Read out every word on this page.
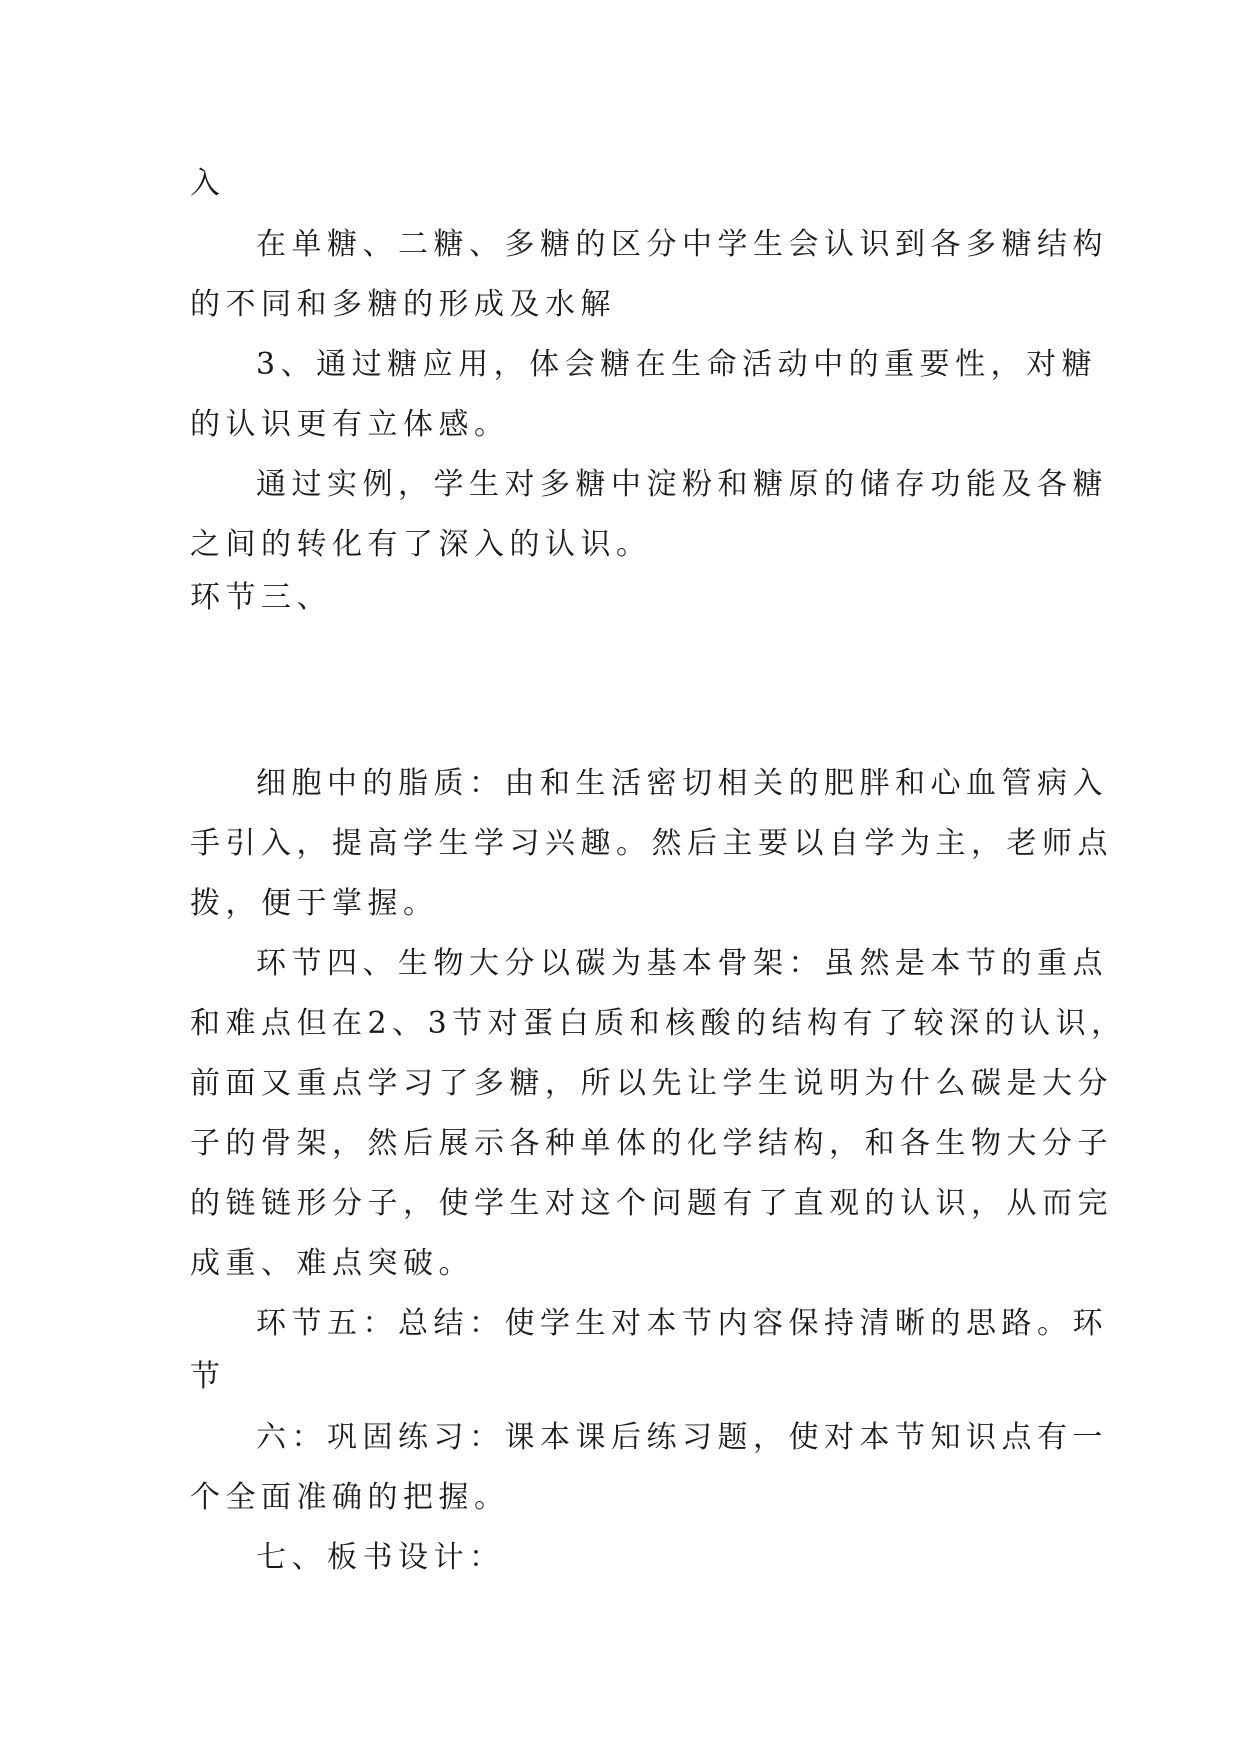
入
在单糖、二糖、多糖的区分中学生会认识到各多糖结构
的不同和多糖的形成及水解
3、通过糖应用，体会糖在生命活动中的重要性，对糖
的认识更有立体感。
通过实例，学生对多糖中淀粉和糖原的储存功能及各糖
之间的转化有了深入的认识。
环节三、
细胞中的脂质：由和生活密切相关的肥胖和心血管病入
手引入，提高学生学习兴趣。然后主要以自学为主，老师点
拨，便于掌握。
环节四、生物大分以碳为基本骨架：虽然是本节的重点
和难点但在2、3节对蛋白质和核酸的结构有了较深的认识，
前面又重点学习了多糖，所以先让学生说明为什么碳是大分
子的骨架，然后展示各种单体的化学结构，和各生物大分子
的链链形分子，使学生对这个问题有了直观的认识，从而完
成重、难点突破。
环节五：总结：使学生对本节内容保持清晰的思路。环
节
六：巩固练习：课本课后练习题，使对本节知识点有一
个全面准确的把握。
七、板书设计：
